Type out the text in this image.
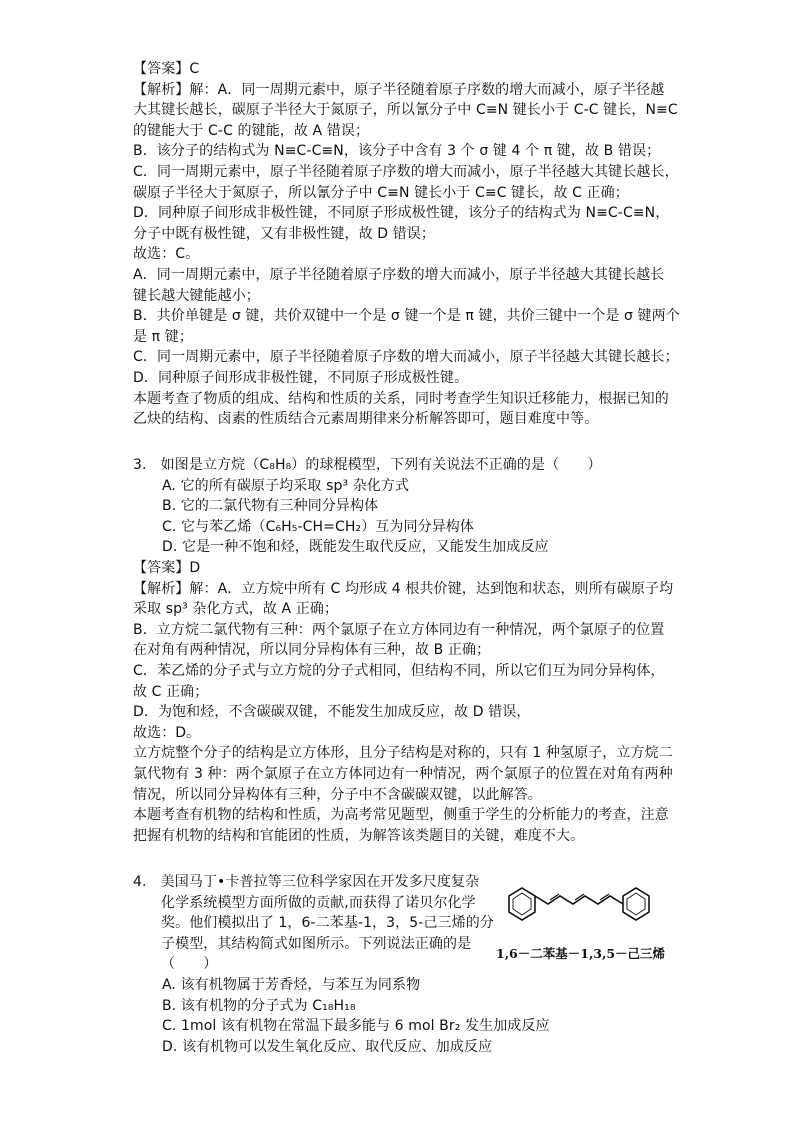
【答案】C
【解析】解：A．同一周期元素中，原子半径随着原子序数的增大而减小，原子半径越
大其键长越长，碳原子半径大于氮原子，所以氰分子中 C≡N 键长小于 C-C 键长，N≡C
的键能大于 C-C 的键能，故 A 错误；
B．该分子的结构式为 N≡C-C≡N，该分子中含有 3 个 σ 键 4 个 π 键，故 B 错误；
C．同一周期元素中，原子半径随着原子序数的增大而减小，原子半径越大其键长越长，
碳原子半径大于氮原子，所以氰分子中 C≡N 键长小于 C≡C 键长，故 C 正确；
D．同种原子间形成非极性键，不同原子形成极性键，该分子的结构式为 N≡C-C≡N，
分子中既有极性键，又有非极性键，故 D 错误；
故选：C。
A．同一周期元素中，原子半径随着原子序数的增大而减小，原子半径越大其键长越长
键长越大键能越小；
B．共价单键是 σ 键，共价双键中一个是 σ 键一个是 π 键，共价三键中一个是 σ 键两个
是 π 键；
C．同一周期元素中，原子半径随着原子序数的增大而减小，原子半径越大其键长越长；
D．同种原子间形成非极性键，不同原子形成极性键。
本题考查了物质的组成、结构和性质的关系，同时考查学生知识迁移能力，根据已知的
乙炔的结构、卤素的性质结合元素周期律来分析解答即可，题目难度中等。
3.　如图是立方烷（C₈H₈）的球棍模型，下列有关说法不正确的是（　　）
A. 它的所有碳原子均采取 sp³ 杂化方式
B. 它的二氯代物有三种同分异构体
C. 它与苯乙烯（C₆H₅-CH=CH₂）互为同分异构体
D. 它是一种不饱和烃，既能发生取代反应，又能发生加成反应
【答案】D
【解析】解：A．立方烷中所有 C 均形成 4 根共价键，达到饱和状态，则所有碳原子均
采取 sp³ 杂化方式，故 A 正确；
B．立方烷二氯代物有三种：两个氯原子在立方体同边有一种情况，两个氯原子的位置
在对角有两种情况，所以同分异构体有三种，故 B 正确；
C．苯乙烯的分子式与立方烷的分子式相同，但结构不同，所以它们互为同分异构体，
故 C 正确；
D．为饱和烃，不含碳碳双键，不能发生加成反应，故 D 错误，
故选：D。
立方烷整个分子的结构是立方体形，且分子结构是对称的，只有 1 种氢原子，立方烷二
氯代物有 3 种：两个氯原子在立方体同边有一种情况，两个氯原子的位置在对角有两种
情况，所以同分异构体有三种，分子中不含碳碳双键，以此解答。
本题考查有机物的结构和性质，为高考常见题型，侧重于学生的分析能力的考查，注意
把握有机物的结构和官能团的性质，为解答该类题目的关键，难度不大。
4.　美国马丁•卡普拉等三位科学家因在开发多尺度复杂
化学系统模型方面所做的贡献,而获得了诺贝尔化学
奖。他们模拟出了 1，6-二苯基-1，3，5-己三烯的分
子模型，其结构简式如图所示。下列说法正确的是
（　　）
A. 该有机物属于芳香烃，与苯互为同系物
B. 该有机物的分子式为 C₁₈H₁₈
C. 1mol 该有机物在常温下最多能与 6 mol Br₂ 发生加成反应
D. 该有机物可以发生氧化反应、取代反应、加成反应
1,6－二苯基－1,3,5－己三烯
